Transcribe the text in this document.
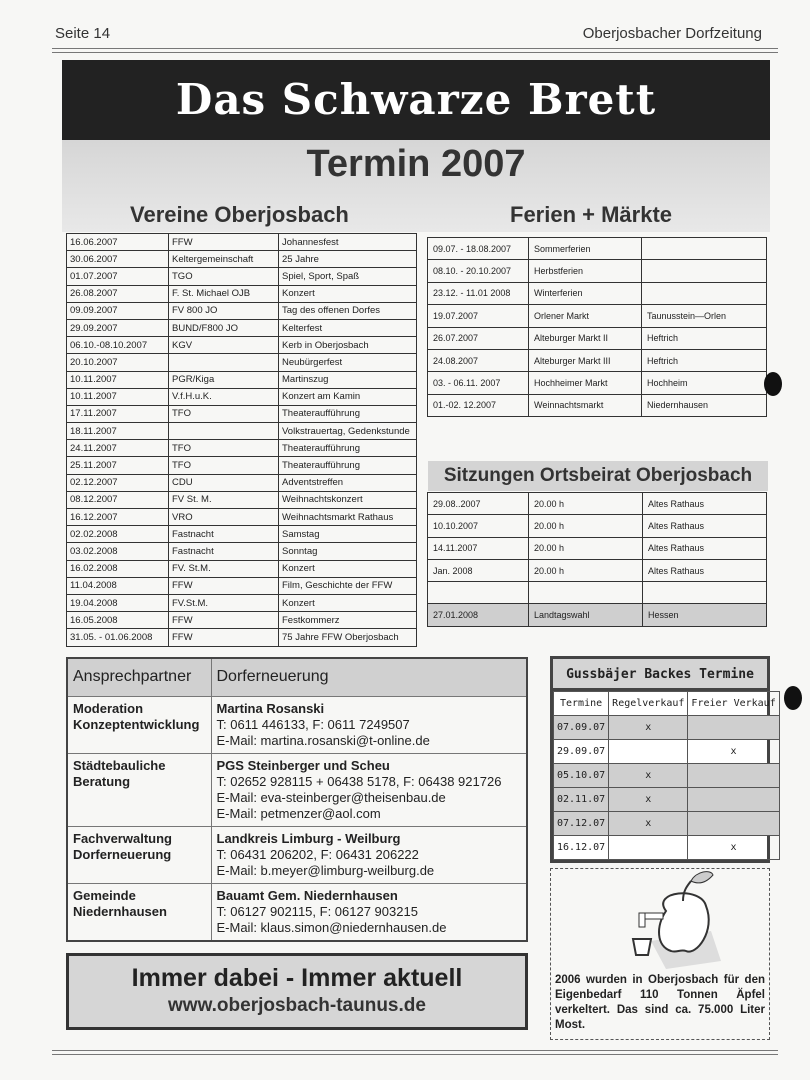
Seite 14	Oberjosbacher Dorfzeitung
Das Schwarze Brett
Termin 2007
Vereine Oberjosbach	Ferien + Märkte
16.06.2007	FFW	Johannesfest
30.06.2007	Keltergemeinschaft	25 Jahre
01.07.2007	TGO	Spiel, Sport, Spaß
26.08.2007	F. St. Michael OJB	Konzert
09.09.2007	FV 800 JO	Tag des offenen Dorfes
29.09.2007	BUND/F800 JO	Kelterfest
06.10.-08.10.2007	KGV	Kerb in Oberjosbach
20.10.2007		Neubürgerfest
10.11.2007	PGR/Kiga	Martinszug
10.11.2007	V.f.H.u.K.	Konzert am Kamin
17.11.2007	TFO	Theateraufführung
18.11.2007		Volkstrauertag, Gedenkstunde
24.11.2007	TFO	Theateraufführung
25.11.2007	TFO	Theateraufführung
02.12.2007	CDU	Adventstreffen
08.12.2007	FV St. M.	Weihnachtskonzert
16.12.2007	VRO	Weihnachtsmarkt Rathaus
02.02.2008	Fastnacht	Samstag
03.02.2008	Fastnacht	Sonntag
16.02.2008	FV. St.M.	Konzert
11.04.2008	FFW	Film, Geschichte der FFW
19.04.2008	FV.St.M.	Konzert
16.05.2008	FFW	Festkommerz
31.05. - 01.06.2008	FFW	75 Jahre FFW Oberjosbach
09.07. - 18.08.2007	Sommerferien	
08.10. - 20.10.2007	Herbstferien	
23.12. - 11.01 2008	Winterferien	
19.07.2007	Orlener Markt	Taunusstein—Orlen
26.07.2007	Alteburger Markt II	Heftrich
24.08.2007	Alteburger Markt III	Heftrich
03. - 06.11. 2007	Hochheimer Markt	Hochheim
01.-02. 12.2007	Weinnachtsmarkt	Niedernhausen
Sitzungen Ortsbeirat Oberjosbach
29.08..2007	20.00 h	Altes Rathaus
10.10.2007	20.00 h	Altes Rathaus
14.11.2007	20.00 h	Altes Rathaus
Jan. 2008	20.00 h	Altes Rathaus

27.01.2008	Landtagswahl	Hessen
Ansprechpartner	Dorferneuerung
Moderation Konzeptentwicklung	Martina Rosanski
T: 0611 446133, F: 0611 7249507
E-Mail: martina.rosanski@t-online.de

Städtebauliche Beratung	PGS Steinberger und Scheu
T: 02652 928115 + 06438 5178, F: 06438 921726
E-Mail: eva-steinberger@theisenbau.de
E-Mail: petmenzer@aol.com

Fachverwaltung Dorferneuerung	Landkreis Limburg - Weilburg
T: 06431 206202, F: 06431 206222
E-Mail: b.meyer@limburg-weilburg.de

Gemeinde Niedernhausen	Bauamt Gem. Niedernhausen
T: 06127 902115, F: 06127 903215
E-Mail: klaus.simon@niedernhausen.de
Gussbäjer Backes Termine
Termine	Regelverkauf	Freier Verkauf
07.09.07	x	
29.09.07		x
05.10.07	x	
02.11.07	x	
07.12.07	x	
16.12.07		x
2006 wurden in Oberjosbach für den Eigenbedarf 110 Tonnen Äpfel verkeltert. Das sind ca. 75.000 Liter Most.
Immer dabei - Immer aktuell
www.oberjosbach-taunus.de
